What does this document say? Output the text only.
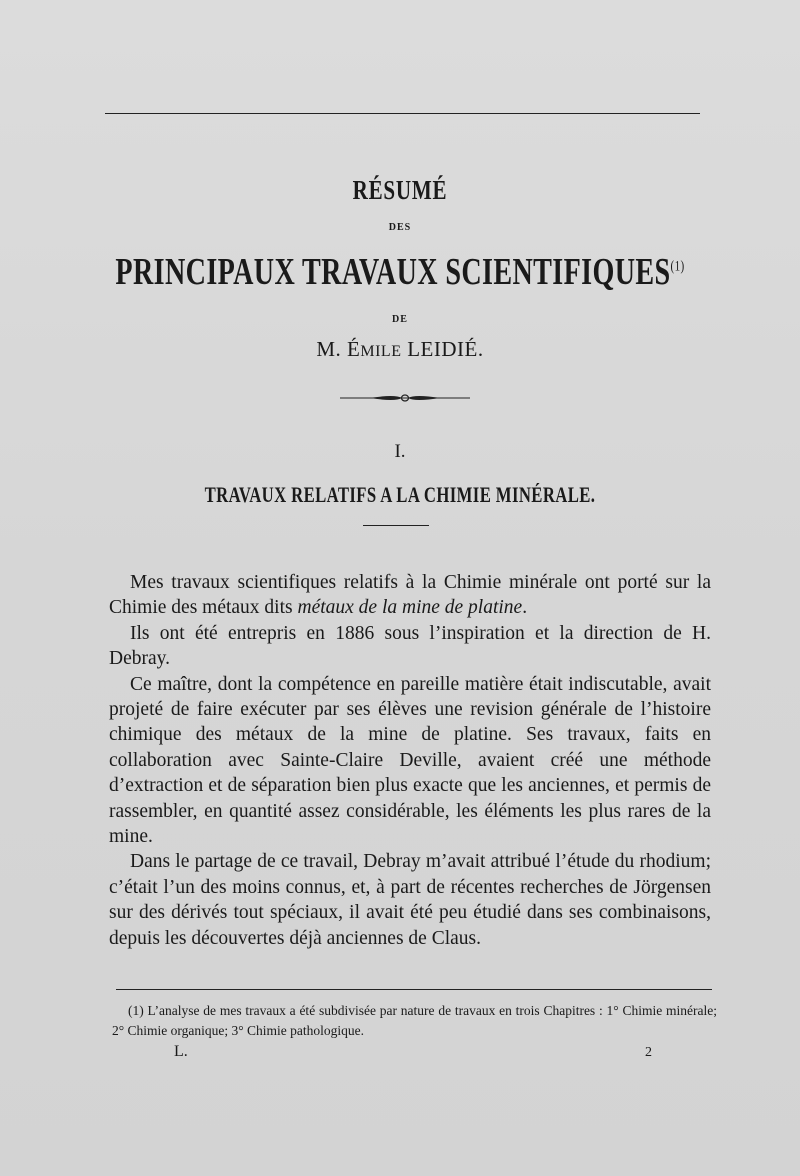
RÉSUMÉ
DES
PRINCIPAUX TRAVAUX SCIENTIFIQUES$^{(1)}$
DE
M. ÉMILE LEIDIÉ.
I.
TRAVAUX RELATIFS A LA CHIMIE MINÉRALE.

Mes travaux scientifiques relatifs à la Chimie minérale ont porté sur la Chimie des métaux dits métaux de la mine de platine.

Ils ont été entrepris en 1886 sous l’inspiration et la direction de H. Debray.

Ce maître, dont la compétence en pareille matière était indiscutable, avait projeté de faire exécuter par ses élèves une revision générale de l’histoire chimique des métaux de la mine de platine. Ses travaux, faits en collaboration avec Sainte-Claire Deville, avaient créé une méthode d’extraction et de séparation bien plus exacte que les anciennes, et permis de rassembler, en quantité assez considérable, les éléments les plus rares de la mine.

Dans le partage de ce travail, Debray m’avait attribué l’étude du rhodium; c’était l’un des moins connus, et, à part de récentes recherches de Jörgensen sur des dérivés tout spéciaux, il avait été peu étudié dans ses combinaisons, depuis les découvertes déjà anciennes de Claus.

(1) L’analyse de mes travaux a été subdivisée par nature de travaux en trois Chapitres : 1° Chimie minérale; 2° Chimie organique; 3° Chimie pathologique.

L.	2
